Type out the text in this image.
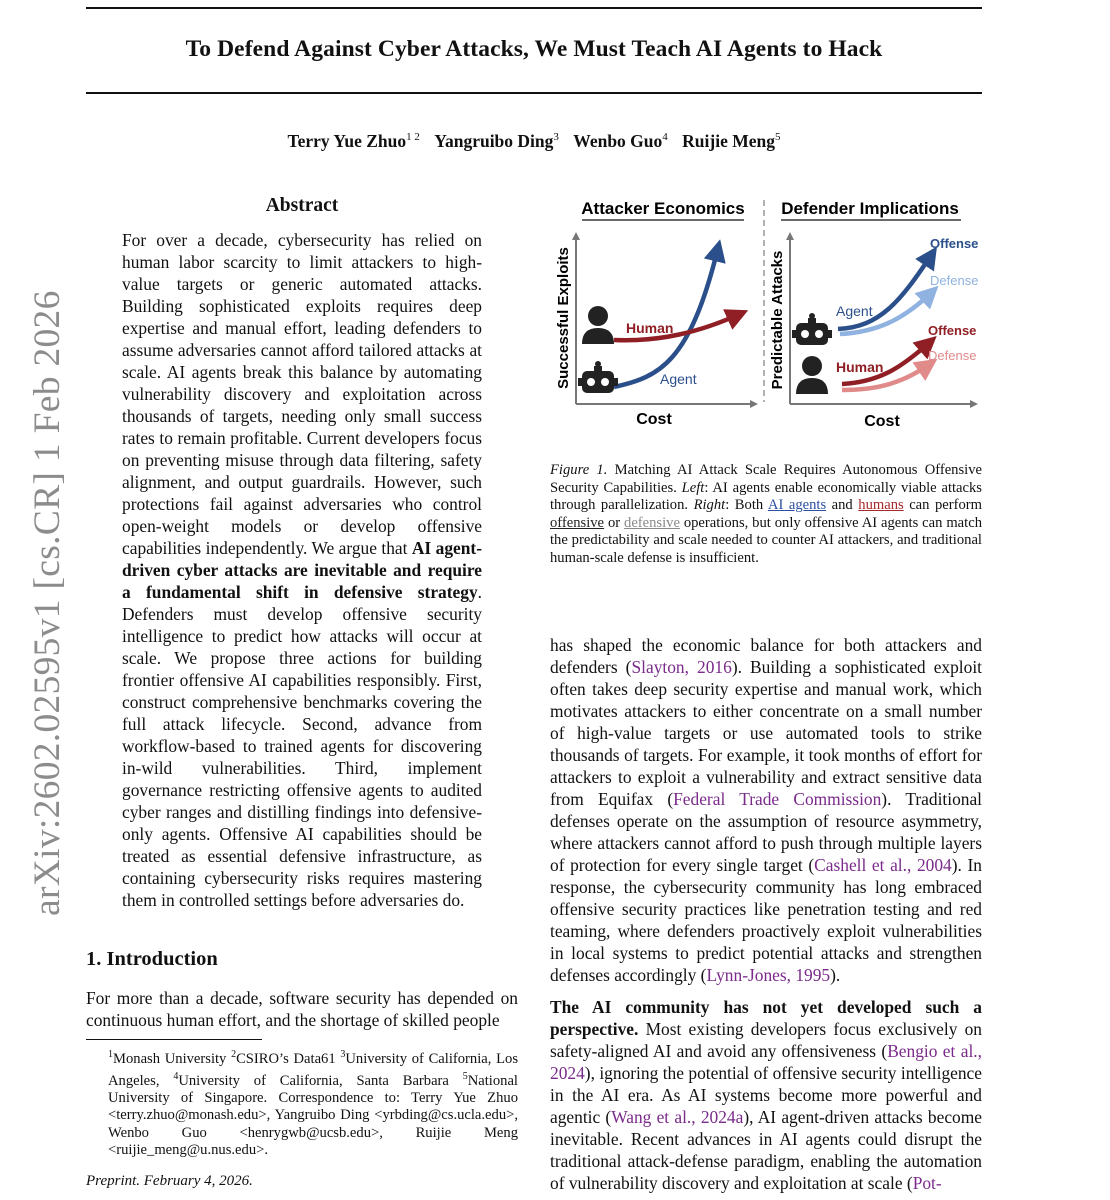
To Defend Against Cyber Attacks, We Must Teach AI Agents to Hack
Terry Yue Zhuo$^{1 2}$ Yangruibo Ding$^3$ Wenbo Guo$^4$ Ruijie Meng$^5$
arXiv:2602.02595v1 [cs.CR] 1 Feb 2026
Abstract

For over a decade, cybersecurity has relied on human labor scarcity to limit attackers to high-value targets or generic automated attacks. Building sophisticated exploits requires deep expertise and manual effort, leading defenders to assume adversaries cannot afford tailored attacks at scale. AI agents break this balance by automating vulnerability discovery and exploitation across thousands of targets, needing only small success rates to remain profitable. Current developers focus on preventing misuse through data filtering, safety alignment, and output guardrails. However, such protections fail against adversaries who control open-weight models or develop offensive capabilities independently. We argue that AI agent-driven cyber attacks are inevitable and require a fundamental shift in defensive strategy. Defenders must develop offensive security intelligence to predict how attacks will occur at scale. We propose three actions for building frontier offensive AI capabilities responsibly. First, construct comprehensive benchmarks covering the full attack lifecycle. Second, advance from workflow-based to trained agents for discovering in-wild vulnerabilities. Third, implement governance restricting offensive agents to audited cyber ranges and distilling findings into defensive-only agents. Offensive AI capabilities should be treated as essential defensive infrastructure, as containing cybersecurity risks requires mastering them in controlled settings before adversaries do.

1. Introduction

For more than a decade, software security has depended on continuous human effort, and the shortage of skilled people

$^1$Monash University $^2$CSIRO’s Data61 $^3$University of California, Los Angeles, $^4$University of California, Santa Barbara $^5$National University of Singapore. Correspondence to: Terry Yue Zhuo <terry.zhuo@monash.edu>, Yangruibo Ding <yrbding@cs.ucla.edu>, Wenbo Guo <henrygwb@ucsb.edu>, Ruijie Meng <ruijie_meng@u.nus.edu>.
Preprint. February 4, 2026.
Attacker Economics Defender Implications
Successful Exploits
Cost
Human
Agent	Predictable Attacks
Cost
Agent
Human
Offense
Defense
Offense
Defense
Figure 1. Matching AI Attack Scale Requires Autonomous Offensive Security Capabilities. Left: AI agents enable economically viable attacks through parallelization. Right: Both AI agents and humans can perform offensive or defensive operations, but only offensive AI agents can match the predictability and scale needed to counter AI attackers, and traditional human-scale defense is insufficient.

has shaped the economic balance for both attackers and defenders (Slayton, 2016). Building a sophisticated exploit often takes deep security expertise and manual work, which motivates attackers to either concentrate on a small number of high-value targets or use automated tools to strike thousands of targets. For example, it took months of effort for attackers to exploit a vulnerability and extract sensitive data from Equifax (Federal Trade Commission). Traditional defenses operate on the assumption of resource asymmetry, where attackers cannot afford to push through multiple layers of protection for every single target (Cashell et al., 2004). In response, the cybersecurity community has long embraced offensive security practices like penetration testing and red teaming, where defenders proactively exploit vulnerabilities in local systems to predict potential attacks and strengthen defenses accordingly (Lynn-Jones, 1995).

The AI community has not yet developed such a perspective. Most existing developers focus exclusively on safety-aligned AI and avoid any offensiveness (Bengio et al., 2024), ignoring the potential of offensive security intelligence in the AI era. As AI systems become more powerful and agentic (Wang et al., 2024a), AI agent-driven attacks become inevitable. Recent advances in AI agents could disrupt the traditional attack-defense paradigm, enabling the automation of vulnerability discovery and exploitation at scale (Pot-
